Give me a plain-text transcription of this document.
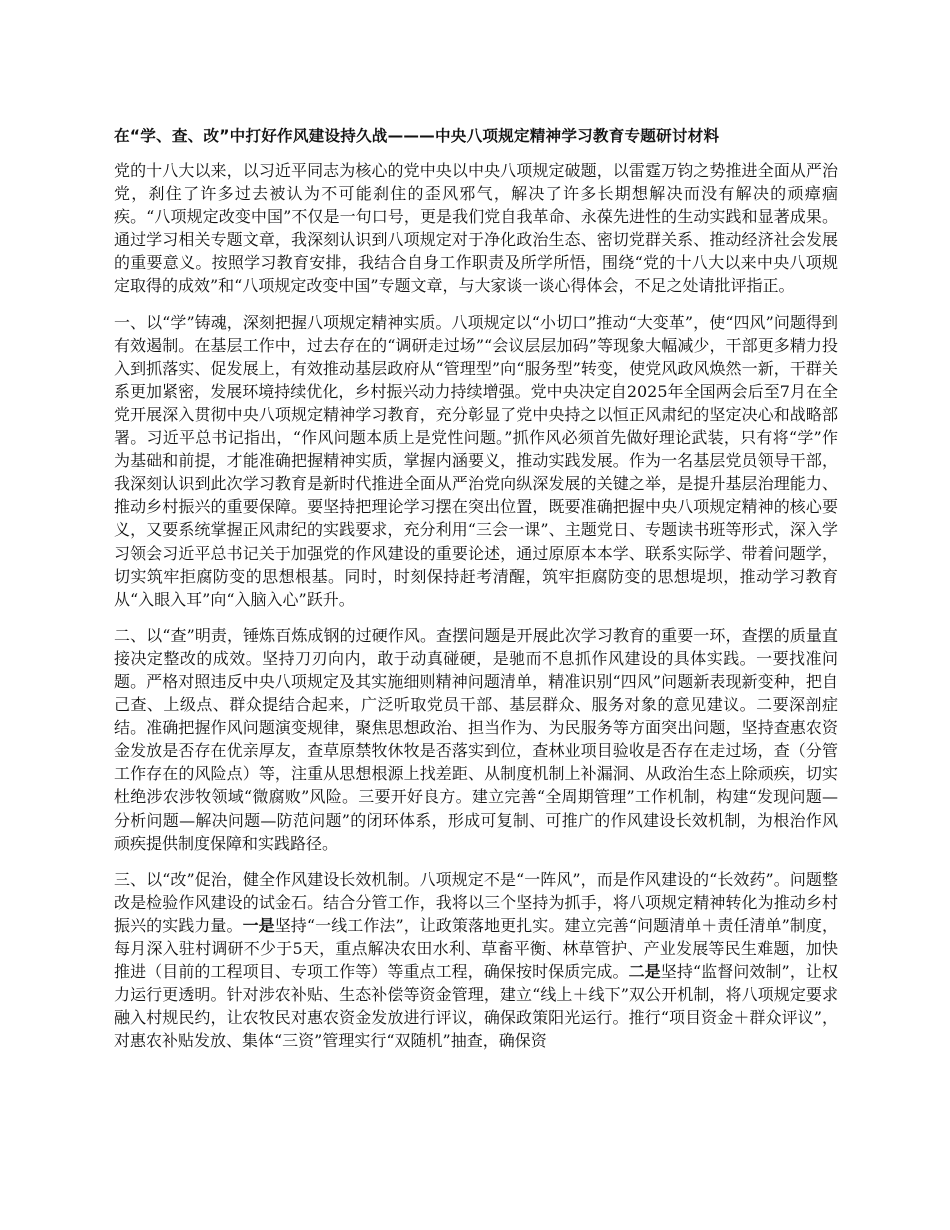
在“学、查、改”中打好作风建设持久战———中央八项规定精神学习教育专题研讨材料

党的十八大以来，以习近平同志为核心的党中央以中央八项规定破题，以雷霆万钧之势推进全面从严治党，刹住了许多过去被认为不可能刹住的歪风邪气，解决了许多长期想解决而没有解决的顽瘴痼疾。“八项规定改变中国”不仅是一句口号，更是我们党自我革命、永葆先进性的生动实践和显著成果。通过学习相关专题文章，我深刻认识到八项规定对于净化政治生态、密切党群关系、推动经济社会发展的重要意义。按照学习教育安排，我结合自身工作职责及所学所悟，围绕“党的十八大以来中央八项规定取得的成效”和“八项规定改变中国”专题文章，与大家谈一谈心得体会，不足之处请批评指正。

一、以“学”铸魂，深刻把握八项规定精神实质。八项规定以“小切口”推动“大变革”，使“四风”问题得到有效遏制。在基层工作中，过去存在的“调研走过场”“会议层层加码”等现象大幅减少，干部更多精力投入到抓落实、促发展上，有效推动基层政府从“管理型”向“服务型”转变，使党风政风焕然一新，干群关系更加紧密，发展环境持续优化，乡村振兴动力持续增强。党中央决定自2025年全国两会后至7月在全党开展深入贯彻中央八项规定精神学习教育，充分彰显了党中央持之以恒正风肃纪的坚定决心和战略部署。习近平总书记指出，“作风问题本质上是党性问题。”抓作风必须首先做好理论武装，只有将“学”作为基础和前提，才能准确把握精神实质，掌握内涵要义，推动实践发展。作为一名基层党员领导干部，我深刻认识到此次学习教育是新时代推进全面从严治党向纵深发展的关键之举，是提升基层治理能力、推动乡村振兴的重要保障。要坚持把理论学习摆在突出位置，既要准确把握中央八项规定精神的核心要义，又要系统掌握正风肃纪的实践要求，充分利用“三会一课”、主题党日、专题读书班等形式，深入学习领会习近平总书记关于加强党的作风建设的重要论述，通过原原本本学、联系实际学、带着问题学，切实筑牢拒腐防变的思想根基。同时，时刻保持赶考清醒，筑牢拒腐防变的思想堤坝，推动学习教育从“入眼入耳”向“入脑入心”跃升。

二、以“查”明责，锤炼百炼成钢的过硬作风。查摆问题是开展此次学习教育的重要一环，查摆的质量直接决定整改的成效。坚持刀刃向内，敢于动真碰硬，是驰而不息抓作风建设的具体实践。一要找准问题。严格对照违反中央八项规定及其实施细则精神问题清单，精准识别“四风”问题新表现新变种，把自己查、上级点、群众提结合起来，广泛听取党员干部、基层群众、服务对象的意见建议。二要深剖症结。准确把握作风问题演变规律，聚焦思想政治、担当作为、为民服务等方面突出问题，坚持查惠农资金发放是否存在优亲厚友，查草原禁牧休牧是否落实到位，查林业项目验收是否存在走过场，查（分管工作存在的风险点）等，注重从思想根源上找差距、从制度机制上补漏洞、从政治生态上除顽疾，切实杜绝涉农涉牧领域“微腐败”风险。三要开好良方。建立完善“全周期管理”工作机制，构建“发现问题—分析问题—解决问题—防范问题”的闭环体系，形成可复制、可推广的作风建设长效机制，为根治作风顽疾提供制度保障和实践路径。

三、以“改”促治，健全作风建设长效机制。八项规定不是“一阵风”，而是作风建设的“长效药”。问题整改是检验作风建设的试金石。结合分管工作，我将以三个坚持为抓手，将八项规定精神转化为推动乡村振兴的实践力量。一是坚持“一线工作法”，让政策落地更扎实。建立完善“问题清单＋责任清单”制度，每月深入驻村调研不少于5天，重点解决农田水利、草畜平衡、林草管护、产业发展等民生难题，加快推进（目前的工程项目、专项工作等）等重点工程，确保按时保质完成。二是坚持“监督问效制”，让权力运行更透明。针对涉农补贴、生态补偿等资金管理，建立“线上＋线下”双公开机制，将八项规定要求融入村规民约，让农牧民对惠农资金发放进行评议，确保政策阳光运行。推行“项目资金＋群众评议”，对惠农补贴发放、集体“三资”管理实行“双随机”抽查，确保资
